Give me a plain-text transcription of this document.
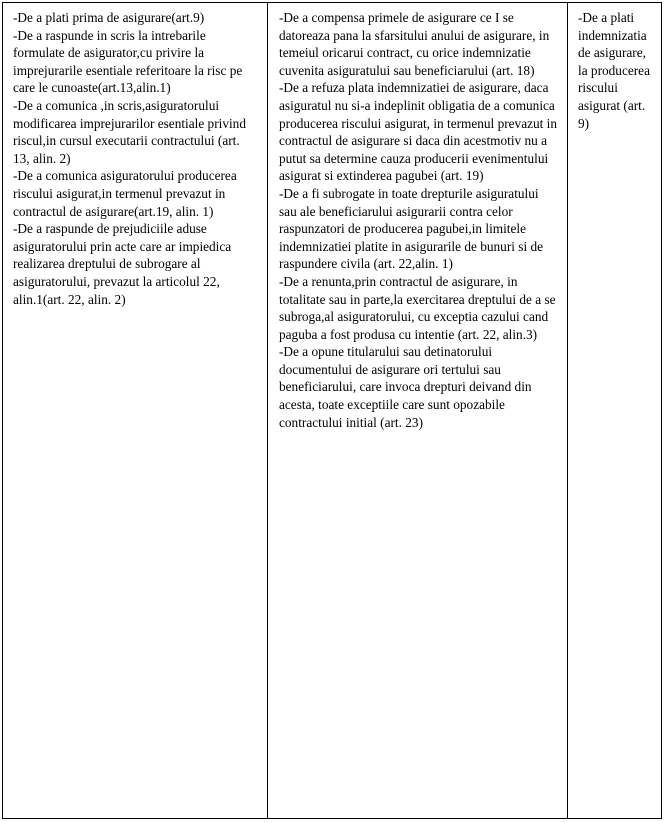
-De a plati prima de asigurare(art.9)

-De a raspunde in scris la intrebarile formulate de asigurator,cu privire la imprejurarile esentiale referitoare la risc pe care le cunoaste(art.13,alin.1)

-De a comunica ,in scris,asiguratorului modificarea imprejurarilor esentiale privind riscul,in cursul executarii contractului (art. 13, alin. 2)

-De a comunica asiguratorului producerea riscului asigurat,in termenul prevazut in contractul de asigurare(art.19, alin. 1)

-De a raspunde de prejudiciile aduse asiguratorului prin acte care ar impiedica realizarea dreptului de subrogare al asiguratorului, prevazut la articolul 22, alin.1(art. 22, alin. 2)

-De a compensa primele de asigurare ce I se datoreaza pana la sfarsitului anului de asigurare, in temeiul oricarui contract, cu orice indemnizatie cuvenita asiguratului sau beneficiarului (art. 18)

-De a refuza plata indemnizatiei de asigurare, daca asiguratul nu si-a indeplinit obligatia de a comunica producerea riscului asigurat, in termenul prevazut in contractul de asigurare si daca din acestmotiv nu a putut sa determine cauza producerii evenimentului asigurat si extinderea pagubei (art. 19)

-De a fi subrogate in toate drepturile asiguratului sau ale beneficiarului asigurarii contra celor raspunzatori de producerea pagubei,in limitele indemnizatiei platite in asigurarile de bunuri si de raspundere civila (art. 22,alin. 1)

-De a renunta,prin contractul de asigurare, in totalitate sau in parte,la exercitarea dreptului de a se subroga,al asiguratorului, cu exceptia cazului cand paguba a fost produsa cu intentie (art. 22, alin.3)

-De a opune titularului sau detinatorului documentului de asigurare ori tertului sau beneficiarului, care invoca drepturi deivand din acesta, toate exceptiile care sunt opozabile contractului initial (art. 23)

-De a plati indemnizatia de asigurare, la producerea riscului asigurat (art. 9)
